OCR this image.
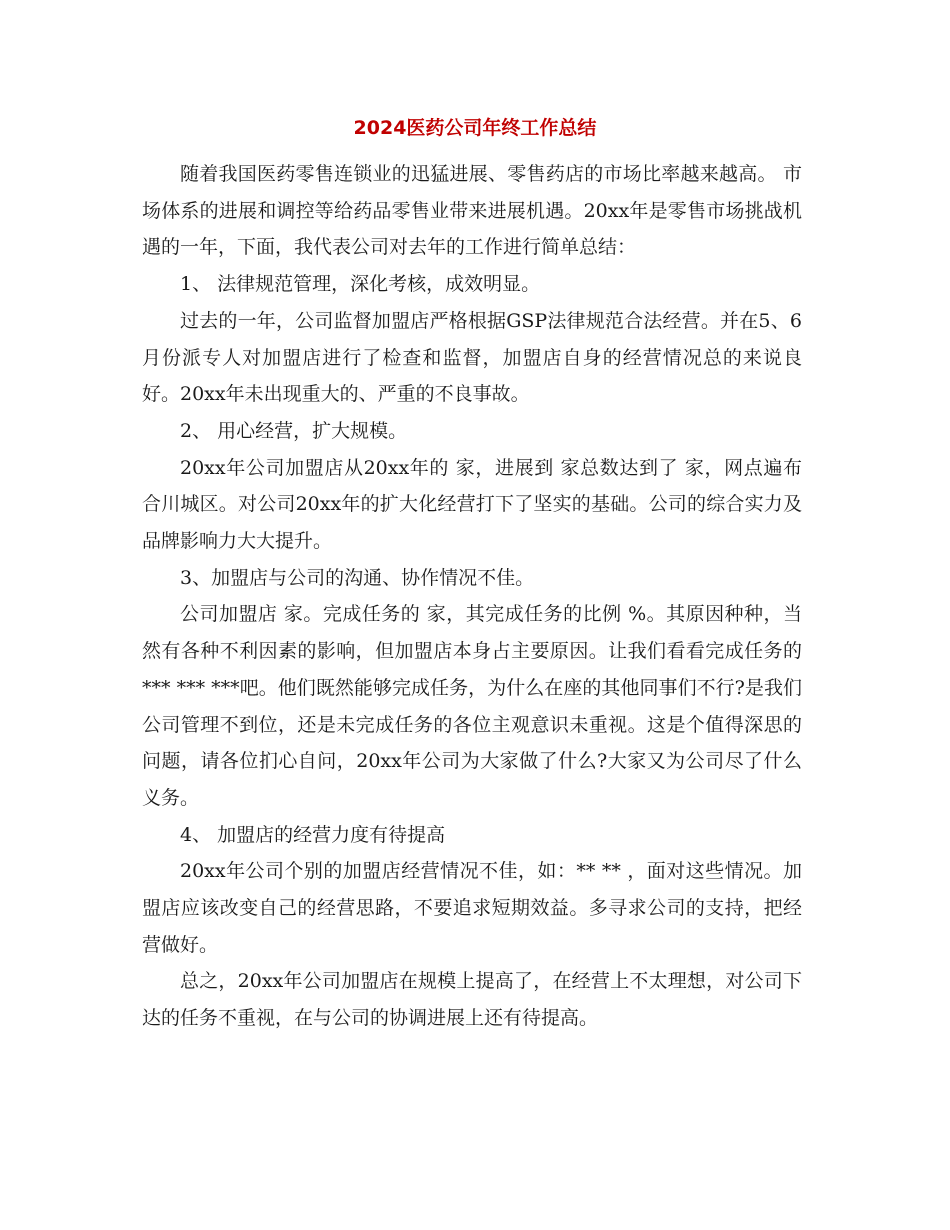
2024医药公司年终工作总结

随着我国医药零售连锁业的迅猛进展、零售药店的市场比率越来越高。 市场体系的进展和调控等给药品零售业带来进展机遇。20xx年是零售市场挑战机遇的一年，下面，我代表公司对去年的工作进行简单总结：

1、 法律规范管理，深化考核，成效明显。

过去的一年，公司监督加盟店严格根据GSP法律规范合法经营。并在5、6月份派专人对加盟店进行了检查和监督，加盟店自身的经营情况总的来说良好。20xx年未出现重大的、严重的不良事故。

2、 用心经营，扩大规模。

20xx年公司加盟店从20xx年的 家，进展到 家总数达到了 家，网点遍布合川城区。对公司20xx年的扩大化经营打下了坚实的基础。公司的综合实力及品牌影响力大大提升。

3、加盟店与公司的沟通、协作情况不佳。

公司加盟店 家。完成任务的 家，其完成任务的比例 %。其原因种种，当然有各种不利因素的影响，但加盟店本身占主要原因。让我们看看完成任务的*** *** ***吧。他们既然能够完成任务，为什么在座的其他同事们不行?是我们公司管理不到位，还是未完成任务的各位主观意识未重视。这是个值得深思的问题，请各位扪心自问，20xx年公司为大家做了什么?大家又为公司尽了什么义务。

4、 加盟店的经营力度有待提高

20xx年公司个别的加盟店经营情况不佳，如：** ** ，面对这些情况。加盟店应该改变自己的经营思路，不要追求短期效益。多寻求公司的支持，把经营做好。

总之，20xx年公司加盟店在规模上提高了，在经营上不太理想，对公司下达的任务不重视，在与公司的协调进展上还有待提高。
